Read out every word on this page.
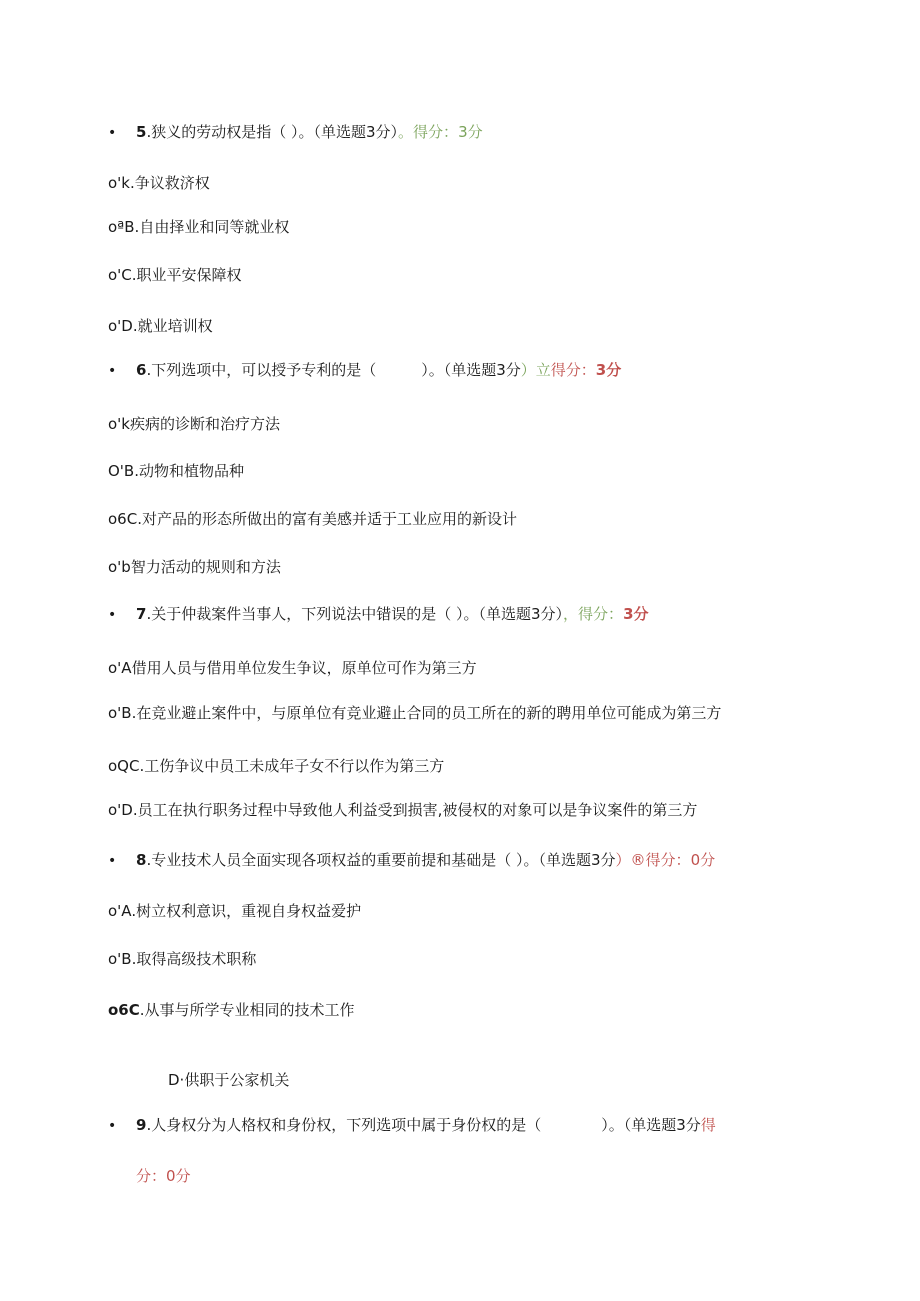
• 5.狭义的劳动权是指（ ）。（单选题3分）。得分：3分
o'k.争议救济权
oªB.自由择业和同等就业权
o'C.职业平安保障权
o'D.就业培训权
• 6.下列选项中，可以授予专利的是（　　　）。（单选题3分）立得分：3分
o'k疾病的诊断和治疗方法
O'B.动物和植物品种
o6C.对产品的形态所做出的富有美感并适于工业应用的新设计
o'b智力活动的规则和方法
• 7.关于仲裁案件当事人，下列说法中错误的是（ ）。（单选题3分），得分：3分
o'A借用人员与借用单位发生争议，原单位可作为第三方
o'B.在竞业避止案件中，与原单位有竞业避止合同的员工所在的新的聘用单位可能成为第三方
oQC.工伤争议中员工未成年子女不行以作为第三方
o'D.员工在执行职务过程中导致他人利益受到损害,被侵权的对象可以是争议案件的第三方
• 8.专业技术人员全面实现各项权益的重要前提和基础是（ ）。（单选题3分）®得分：0分
o'A.树立权利意识，重视自身权益爱护
o'B.取得高级技术职称
o6C.从事与所学专业相同的技术工作
D·供职于公家机关
• 9.人身权分为人格权和身份权，下列选项中属于身份权的是（　　　　）。（单选题3分得
分：0分
